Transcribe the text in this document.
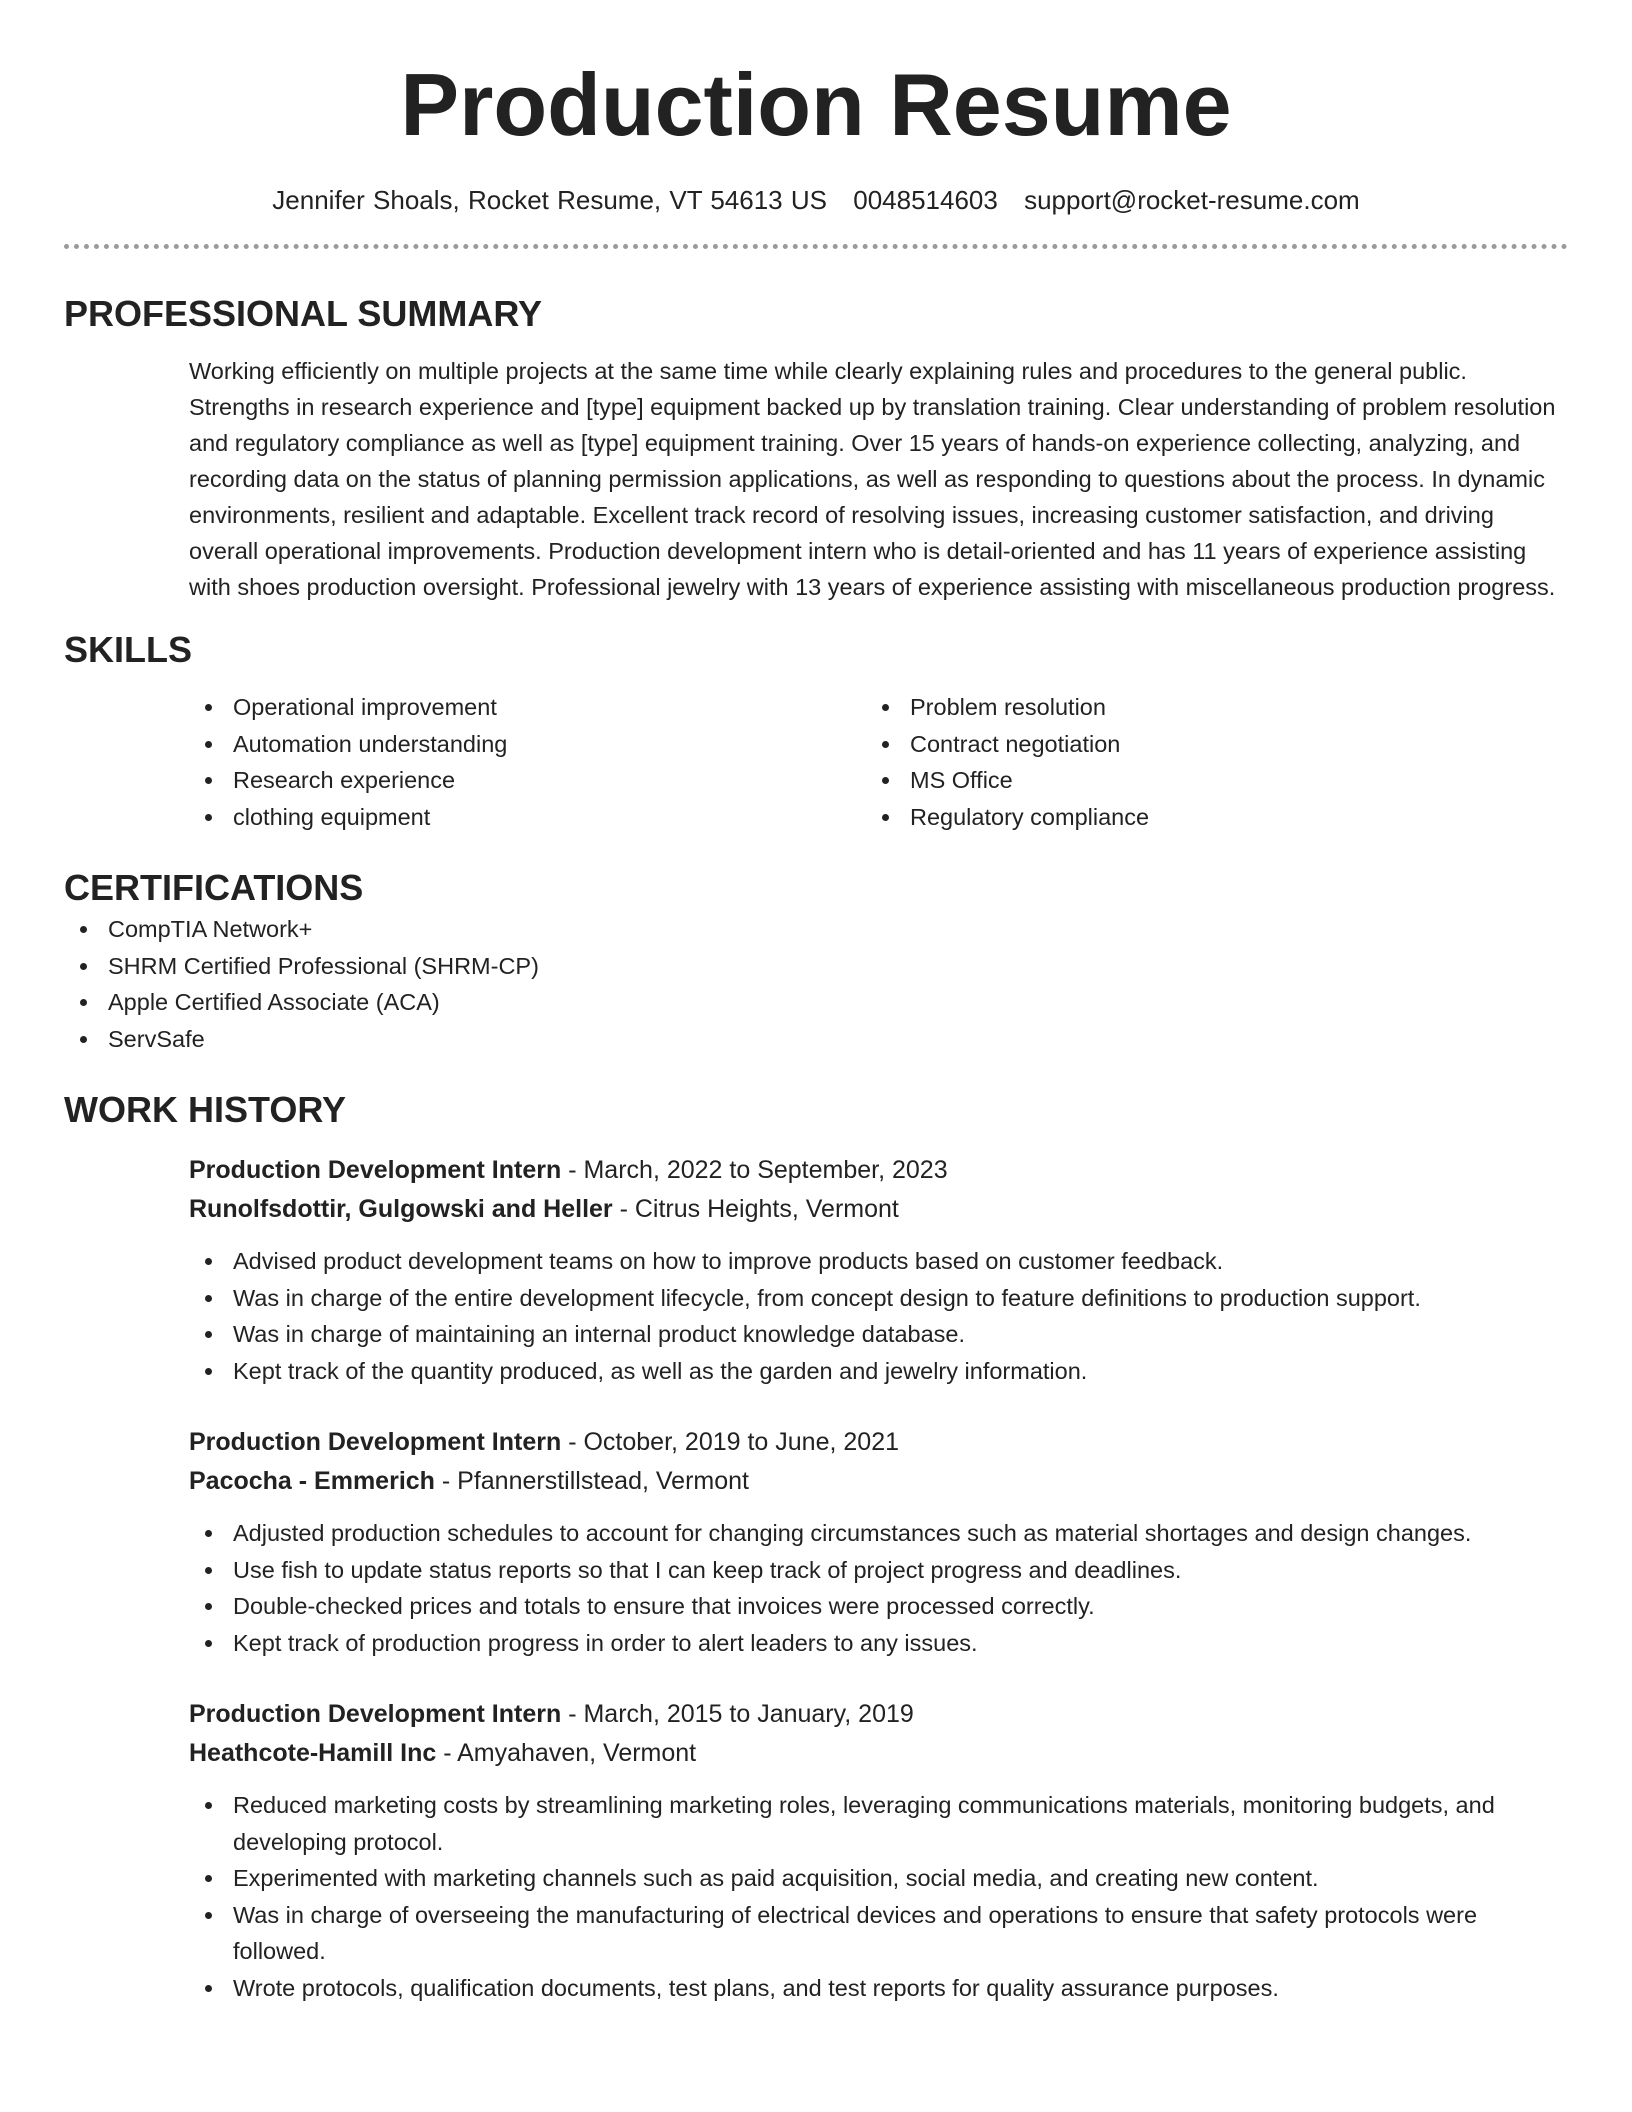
Production Resume
Jennifer Shoals, Rocket Resume, VT 54613 US 0048514603 support@rocket-resume.com
PROFESSIONAL SUMMARY

Working efficiently on multiple projects at the same time while clearly explaining rules and procedures to the general public. Strengths in research experience and [type] equipment backed up by translation training. Clear understanding of problem resolution and regulatory compliance as well as [type] equipment training. Over 15 years of hands-on experience collecting, analyzing, and recording data on the status of planning permission applications, as well as responding to questions about the process. In dynamic environments, resilient and adaptable. Excellent track record of resolving issues, increasing customer satisfaction, and driving overall operational improvements. Production development intern who is detail-oriented and has 11 years of experience assisting with shoes production oversight. Professional jewelry with 13 years of experience assisting with miscellaneous production progress.

SKILLS
Operational improvement
Automation understanding
Research experience
clothing equipment
Problem resolution
Contract negotiation
MS Office
Regulatory compliance
CERTIFICATIONS
CompTIA Network+
SHRM Certified Professional (SHRM-CP)
Apple Certified Associate (ACA)
ServSafe
WORK HISTORY
Production Development Intern - March, 2022 to September, 2023
Runolfsdottir, Gulgowski and Heller - Citrus Heights, Vermont
Advised product development teams on how to improve products based on customer feedback.
Was in charge of the entire development lifecycle, from concept design to feature definitions to production support.
Was in charge of maintaining an internal product knowledge database.
Kept track of the quantity produced, as well as the garden and jewelry information.
Production Development Intern - October, 2019 to June, 2021
Pacocha - Emmerich - Pfannerstillstead, Vermont
Adjusted production schedules to account for changing circumstances such as material shortages and design changes.
Use fish to update status reports so that I can keep track of project progress and deadlines.
Double-checked prices and totals to ensure that invoices were processed correctly.
Kept track of production progress in order to alert leaders to any issues.
Production Development Intern - March, 2015 to January, 2019
Heathcote-Hamill Inc - Amyahaven, Vermont
Reduced marketing costs by streamlining marketing roles, leveraging communications materials, monitoring budgets, and developing protocol.
Experimented with marketing channels such as paid acquisition, social media, and creating new content.
Was in charge of overseeing the manufacturing of electrical devices and operations to ensure that safety protocols were followed.
Wrote protocols, qualification documents, test plans, and test reports for quality assurance purposes.
